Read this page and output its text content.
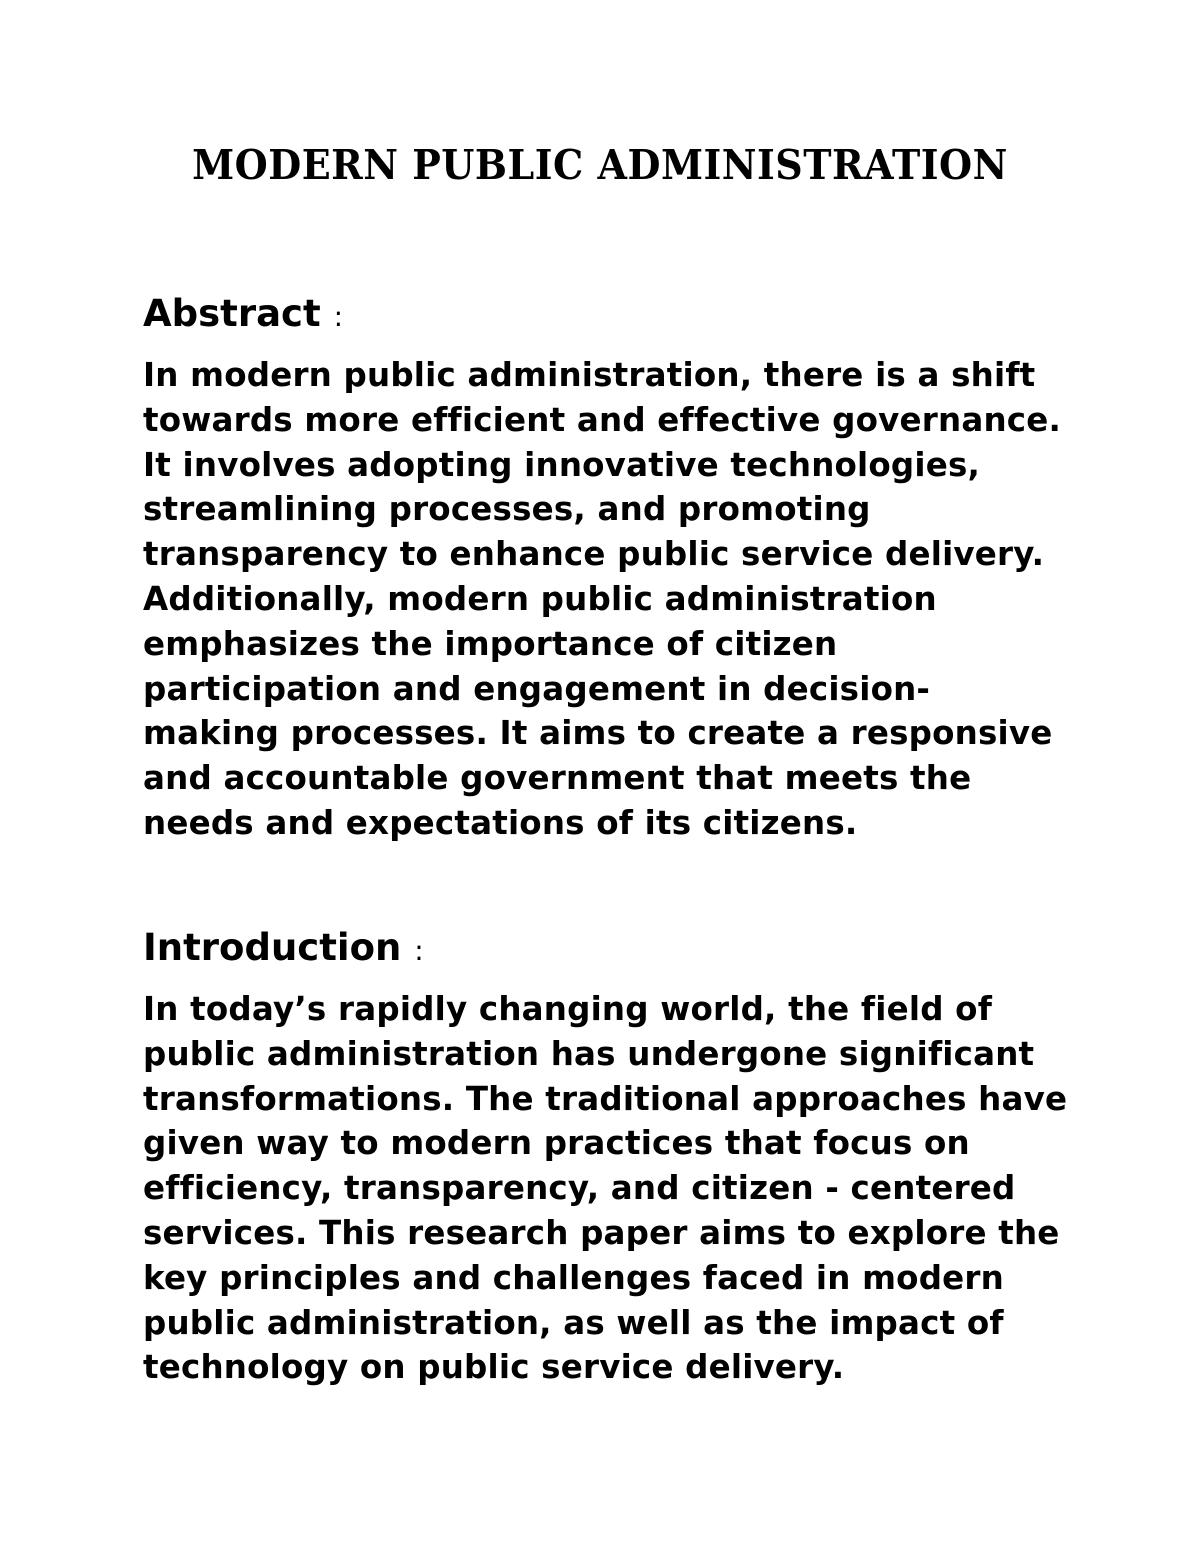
MODERN PUBLIC ADMINISTRATION
Abstract :

In modern public administration, there is a shift
towards more efficient and effective governance.
It involves adopting innovative technologies,
streamlining processes, and promoting
transparency to enhance public service delivery.
Additionally, modern public administration
emphasizes the importance of citizen
participation and engagement in decision-
making processes. It aims to create a responsive
and accountable government that meets the
needs and expectations of its citizens.

Introduction :

In today’s rapidly changing world, the field of
public administration has undergone significant
transformations. The traditional approaches have
given way to modern practices that focus on
efficiency, transparency, and citizen - centered
services. This research paper aims to explore the
key principles and challenges faced in modern
public administration, as well as the impact of
technology on public service delivery.
